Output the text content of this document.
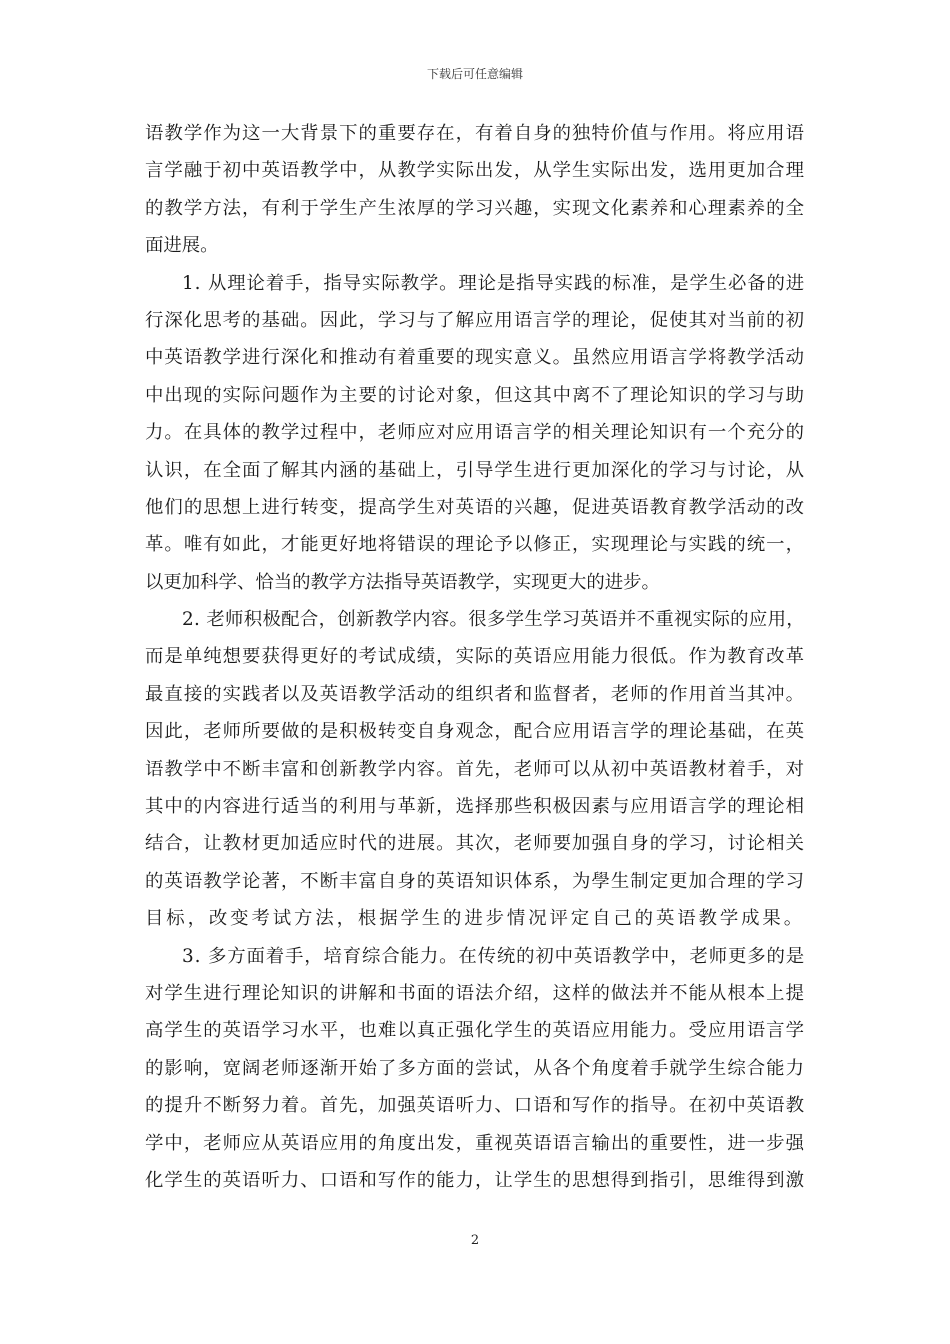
下载后可任意编辑
语教学作为这一大背景下的重要存在，有着自身的独特价值与作用。将应用语
言学融于初中英语教学中，从教学实际出发，从学生实际出发，选用更加合理
的教学方法，有利于学生产生浓厚的学习兴趣，实现文化素养和心理素养的全
面进展。
1. 从理论着手，指导实际教学。理论是指导实践的标准，是学生必备的进
行深化思考的基础。因此，学习与了解应用语言学的理论，促使其对当前的初
中英语教学进行深化和推动有着重要的现实意义。虽然应用语言学将教学活动
中出现的实际问题作为主要的讨论对象，但这其中离不了理论知识的学习与助
力。在具体的教学过程中，老师应对应用语言学的相关理论知识有一个充分的
认识，在全面了解其内涵的基础上，引导学生进行更加深化的学习与讨论，从
他们的思想上进行转变，提高学生对英语的兴趣，促进英语教育教学活动的改
革。唯有如此，才能更好地将错误的理论予以修正，实现理论与实践的统一，
以更加科学、恰当的教学方法指导英语教学，实现更大的进步。
2. 老师积极配合，创新教学内容。很多学生学习英语并不重视实际的应用，
而是单纯想要获得更好的考试成绩，实际的英语应用能力很低。作为教育改革
最直接的实践者以及英语教学活动的组织者和监督者，老师的作用首当其冲。
因此，老师所要做的是积极转变自身观念，配合应用语言学的理论基础，在英
语教学中不断丰富和创新教学内容。首先，老师可以从初中英语教材着手，对
其中的内容进行适当的利用与革新，选择那些积极因素与应用语言学的理论相
结合，让教材更加适应时代的进展。其次，老师要加强自身的学习，讨论相关
的英语教学论著，不断丰富自身的英语知识体系，为學生制定更加合理的学习
目标，改变考试方法，根据学生的进步情况评定自己的英语教学成果。
3. 多方面着手，培育综合能力。在传统的初中英语教学中，老师更多的是
对学生进行理论知识的讲解和书面的语法介绍，这样的做法并不能从根本上提
高学生的英语学习水平，也难以真正强化学生的英语应用能力。受应用语言学
的影响，宽阔老师逐渐开始了多方面的尝试，从各个角度着手就学生综合能力
的提升不断努力着。首先，加强英语听力、口语和写作的指导。在初中英语教
学中，老师应从英语应用的角度出发，重视英语语言输出的重要性，进一步强
化学生的英语听力、口语和写作的能力，让学生的思想得到指引，思维得到激
2
